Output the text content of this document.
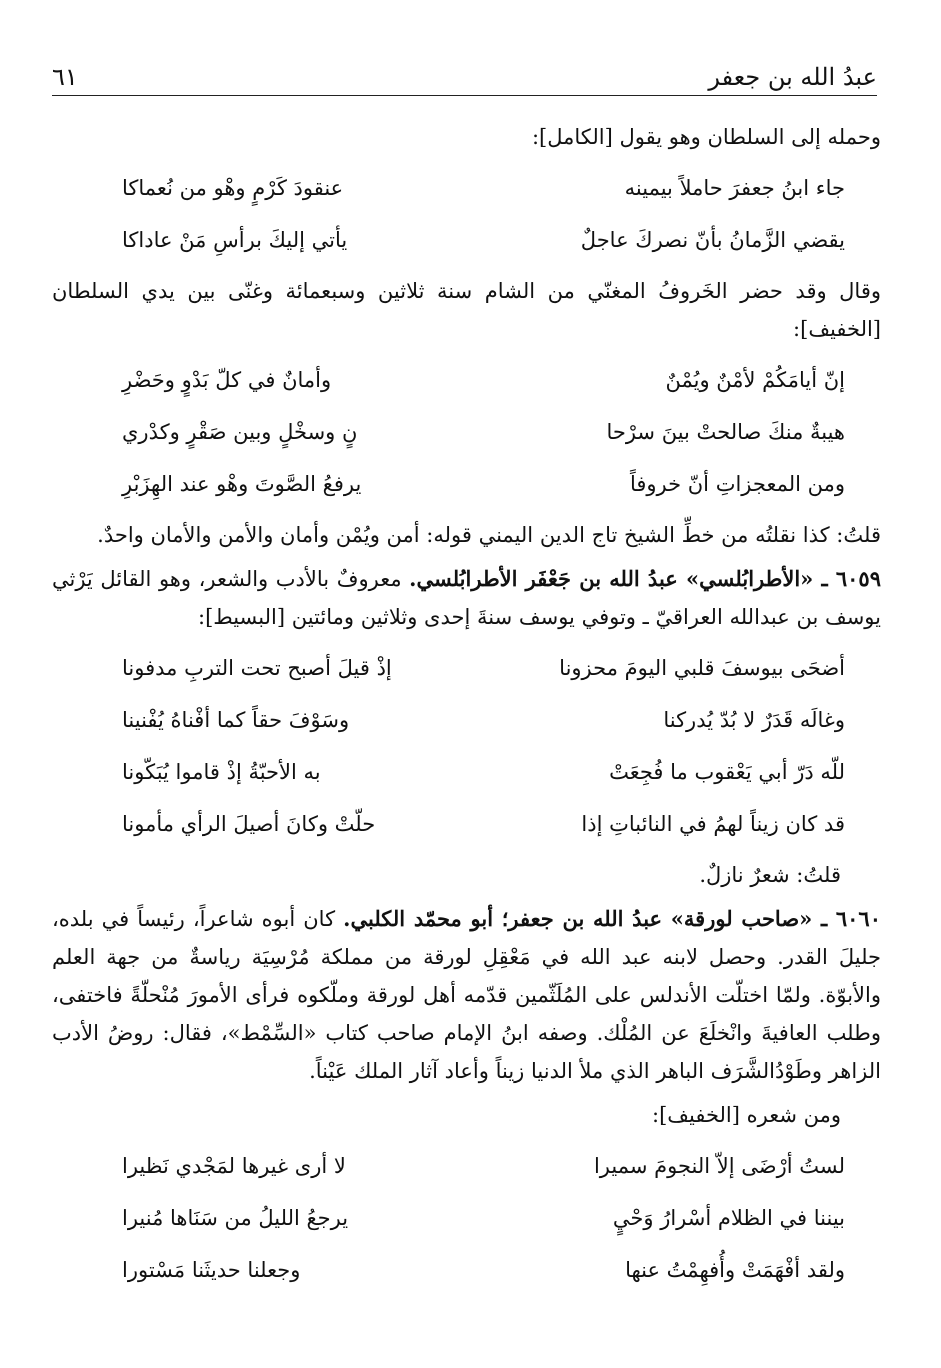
عبدُ الله بن جعفر
٦١

وحمله إلى السلطان وهو يقول [الكامل]:

جاء ابنُ جعفرَ حاملاً بيمينه
عنقودَ كَرْمٍ وهْو من نُعماكا
يقضي الزَّمانُ بأنّ نصركَ عاجلٌ
يأتي إليكَ برأسِ مَنْ عاداكا

وقال وقد حضر الخَروفُ المغنّي من الشام سنة ثلاثين وسبعمائة وغنّى بين يدي السلطان [الخفيف]:

إنّ أيامَكُمْ لأمْنٌ ويُمْنٌ
وأمانٌ في كلّ بَدْوٍ وحَضْرِ
هيبةٌ منكَ صالحتْ بينَ سرْحا
نٍ وسخْلٍ وبين صَقْرٍ وكدْري
ومن المعجزاتِ أنّ خروفاً
يرفعُ الصَّوتَ وهْو عند الهِزَبْرِ

قلتُ: كذا نقلتُه من خطِّ الشيخ تاج الدين اليمني قوله: أمن ويُمْن وأمان والأمن والأمان واحدٌ.

٦٠٥٩ ـ «الأطرابُلسي» عبدُ الله بن جَعْفَر الأطرابُلسي. معروفٌ بالأدب والشعر، وهو القائل يَرْثي يوسف بن عبدالله العراقيّ ـ وتوفي يوسف سنةَ إحدى وثلاثين ومائتين [البسيط]:

أضحَى بيوسفَ قلبي اليومَ محزونا
إذْ قيلَ أصبح تحت التربِ مدفونا
وغالَه قَدَرٌ لا بُدّ يُدركنا
وسَوْفَ حقاً كما أفْناهُ يُفْنينا
للّه دَرّ أبي يَعْقوب ما فُجِعَتْ
به الأحبّةُ إذْ قاموا يُبَكّونا
قد كان زيناً لهمُ في النائباتِ إذا
حلّتْ وكانَ أصيلَ الرأي مأمونا

قلتُ: شعرٌ نازلٌ.

٦٠٦٠ ـ «صاحب لورقة» عبدُ الله بن جعفر؛ أبو محمّد الكلبي. كان أبوه شاعراً، رئيساً في بلده، جليلَ القدر. وحصل لابنه عبد الله في مَعْقِلِ لورقة من مملكة مُرْسِيَة رياسةٌ من جهة العلم والأبوّة. ولمّا اختلّت الأندلس على المُلَثّمين قدّمه أهل لورقة وملّكوه فرأى الأمورَ مُنْحلّةً فاختفى، وطلب العافيةَ وانْخلَعَ عن المُلْك. وصفه ابنُ الإمام صاحب كتاب «السِّمْط»، فقال: روضُ الأدب الزاهر وطَوْدُالشَّرَف الباهر الذي ملأ الدنيا زيناً وأعاد آثار الملك عَيْناً.

ومن شعره [الخفيف]:

لستُ أرْضَى إلاّ النجومَ سميرا
لا أرى غيرها لمَجْدي نَظيرا
بيننا في الظلام أسْرارُ وَحْيٍ
يرجعُ الليلُ من سَنَاها مُنيرا
ولقد أفْهَمَتْ وأُفهِمْتُ عنها
وجعلنا حديثَنا مَسْتورا
